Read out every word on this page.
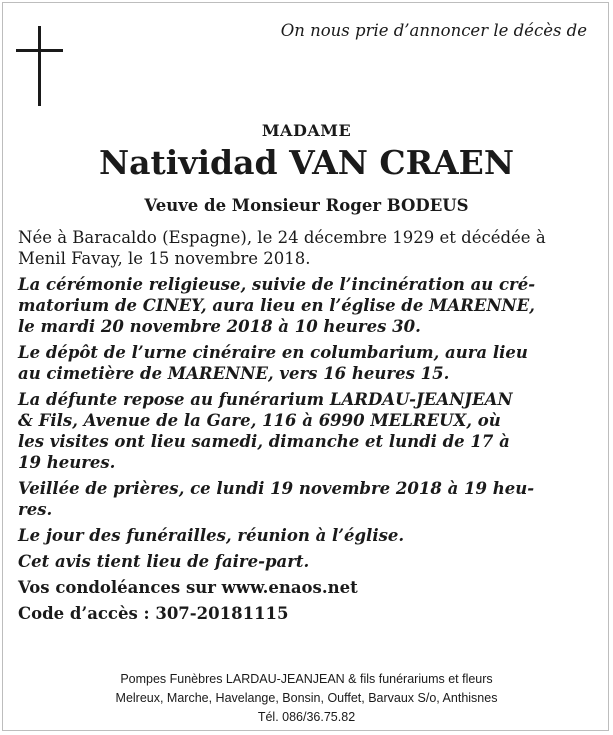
On nous prie d’annoncer le décès de
MADAME
Natividad VAN CRAEN
Veuve de Monsieur Roger BODEUS

Née à Baracaldo (Espagne), le 24 décembre 1929 et décédée à

Menil Favay, le 15 novembre 2018.

La cérémonie religieuse, suivie de l’incinération au cré-

matorium de CINEY, aura lieu en l’église de MARENNE,

le mardi 20 novembre 2018 à 10 heures 30.

Le dépôt de l’urne cinéraire en columbarium, aura lieu

au cimetière de MARENNE, vers 16 heures 15.

La défunte repose au funérarium LARDAU-JEANJEAN

& Fils, Avenue de la Gare, 116 à 6990 MELREUX, où

les visites ont lieu samedi, dimanche et lundi de 17 à

19 heures.

Veillée de prières, ce lundi 19 novembre 2018 à 19 heu-

res.

Le jour des funérailles, réunion à l’église.

Cet avis tient lieu de faire-part.

Vos condoléances sur www.enaos.net

Code d’accès : 307-20181115

Pompes Funèbres LARDAU-JEANJEAN & fils funérariums et fleurs
Melreux, Marche, Havelange, Bonsin, Ouffet, Barvaux S/o, Anthisnes
Tél. 086/36.75.82
